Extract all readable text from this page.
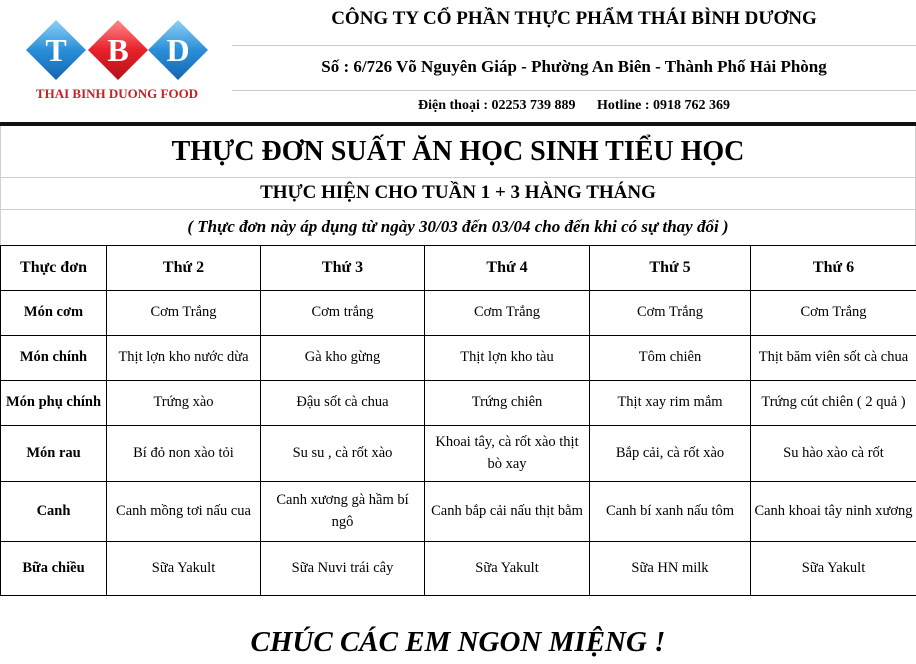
T B D
THAI BINH DUONG FOOD
CÔNG TY CỔ PHẦN THỰC PHẨM THÁI BÌNH DƯƠNG
Số : 6/726 Võ Nguyên Giáp - Phường An Biên - Thành Phố Hải Phòng
Điện thoại : 02253 739 889 Hotline : 0918 762 369
THỰC ĐƠN SUẤT ĂN HỌC SINH TIỂU HỌC
THỰC HIỆN CHO TUẦN 1 + 3 HÀNG THÁNG
( Thực đơn này áp dụng từ ngày 30/03 đến 03/04 cho đến khi có sự thay đổi )
Thực đơn	Thứ 2	Thứ 3	Thứ 4	Thứ 5	Thứ 6
Món cơm	Cơm Trắng	Cơm trắng	Cơm Trắng	Cơm Trắng	Cơm Trắng
Món chính	Thịt lợn kho nước dừa	Gà kho gừng	Thịt lợn kho tàu	Tôm chiên	Thịt băm viên sốt cà chua
Món phụ chính	Trứng xào	Đậu sốt cà chua	Trứng chiên	Thịt xay rim mắm	Trứng cút chiên ( 2 quả )
Món rau	Bí đỏ non xào tỏi	Su su , cà rốt xào	Khoai tây, cà rốt xào thịt bò xay	Bắp cải, cà rốt xào	Su hào xào cà rốt
Canh	Canh mồng tơi nấu cua	Canh xương gà hầm bí ngô	Canh bắp cải nấu thịt bằm	Canh bí xanh nấu tôm	Canh khoai tây ninh xương
Bữa chiều	Sữa Yakult	Sữa Nuvi trái cây	Sữa Yakult	Sữa HN milk	Sữa Yakult
CHÚC CÁC EM NGON MIỆNG !
